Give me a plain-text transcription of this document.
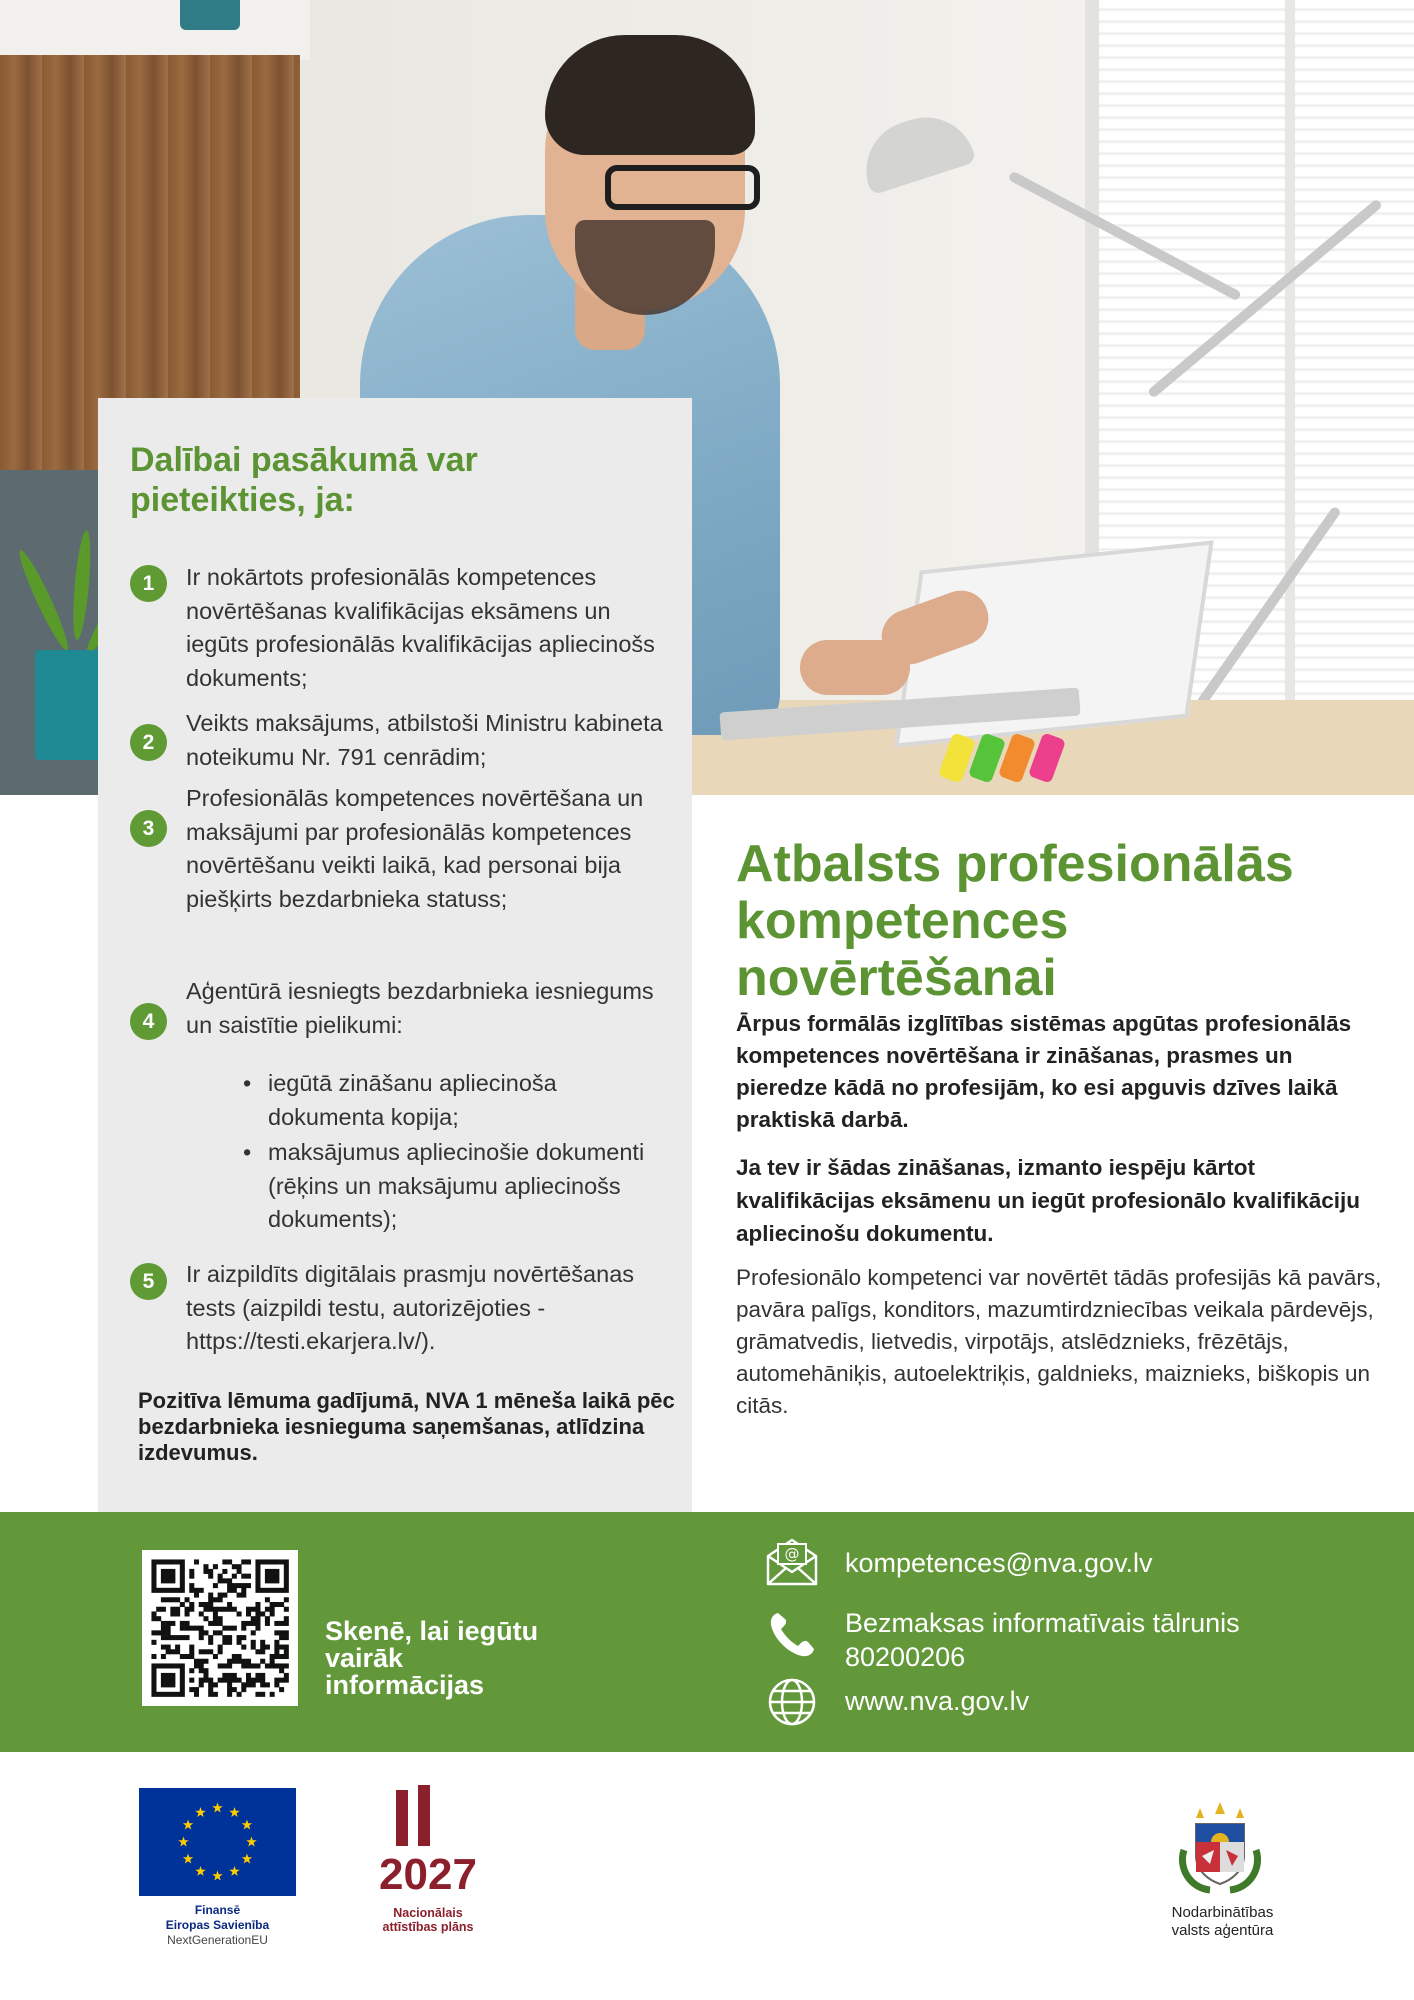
Dalībai pasākumā var pieteikties, ja:
1	Ir nokārtots profesionālās kompetences novērtēšanas kvalifikācijas eksāmens un iegūts profesionālās kvalifikācijas apliecinošs dokuments;
2
Veikts maksājums, atbilstoši Ministru kabineta noteikumu Nr. 791 cenrādim;
3
Profesionālās kompetences novērtēšana un maksājumi par profesionālās kompetences novērtēšanu veikti laikā, kad personai bija piešķirts bezdarbnieka statuss;
4
Aģentūrā iesniegts bezdarbnieka iesniegums un saistītie pielikumi:
• iegūtā zināšanu apliecinoša dokumenta kopija;
• maksājumus apliecinošie dokumenti (rēķins un maksājumu apliecinošs dokuments);
5	Ir aizpildīts digitālais prasmju novērtēšanas tests (aizpildi testu, autorizējoties - https://testi.ekarjera.lv/).
Pozitīva lēmuma gadījumā, NVA 1 mēneša laikā pēc bezdarbnieka iesnieguma saņemšanas, atlīdzina izdevumus.
Atbalsts profesionālās kompetences novērtēšanai
Ārpus formālās izglītības sistēmas apgūtas profesionālās kompetences novērtēšana ir zināšanas, prasmes un pieredze kādā no profesijām, ko esi apguvis dzīves laikā praktiskā darbā.
Ja tev ir šādas zināšanas, izmanto iespēju kārtot kvalifikācijas eksāmenu un iegūt profesionālo kvalifikāciju apliecinošu dokumentu.
Profesionālo kompetenci var novērtēt tādās profesijās kā pavārs, pavāra palīgs, konditors, mazumtirdzniecības veikala pārdevējs, grāmatvedis, lietvedis, virpotājs, atslēdznieks, frēzētājs, automehāniķis, autoelektriķis, galdnieks, maiznieks, biškopis un citās.
Skenē, lai iegūtu vairāk informācijas
@ kompetences@nva.gov.lv
Bezmaksas informatīvais tālrunis
80200206
www.nva.gov.lv
Finansē
Eiropas Savienība
NextGenerationEU
2027
Nacionālais
attīstības plāns
Nodarbinātības
valsts aģentūra
